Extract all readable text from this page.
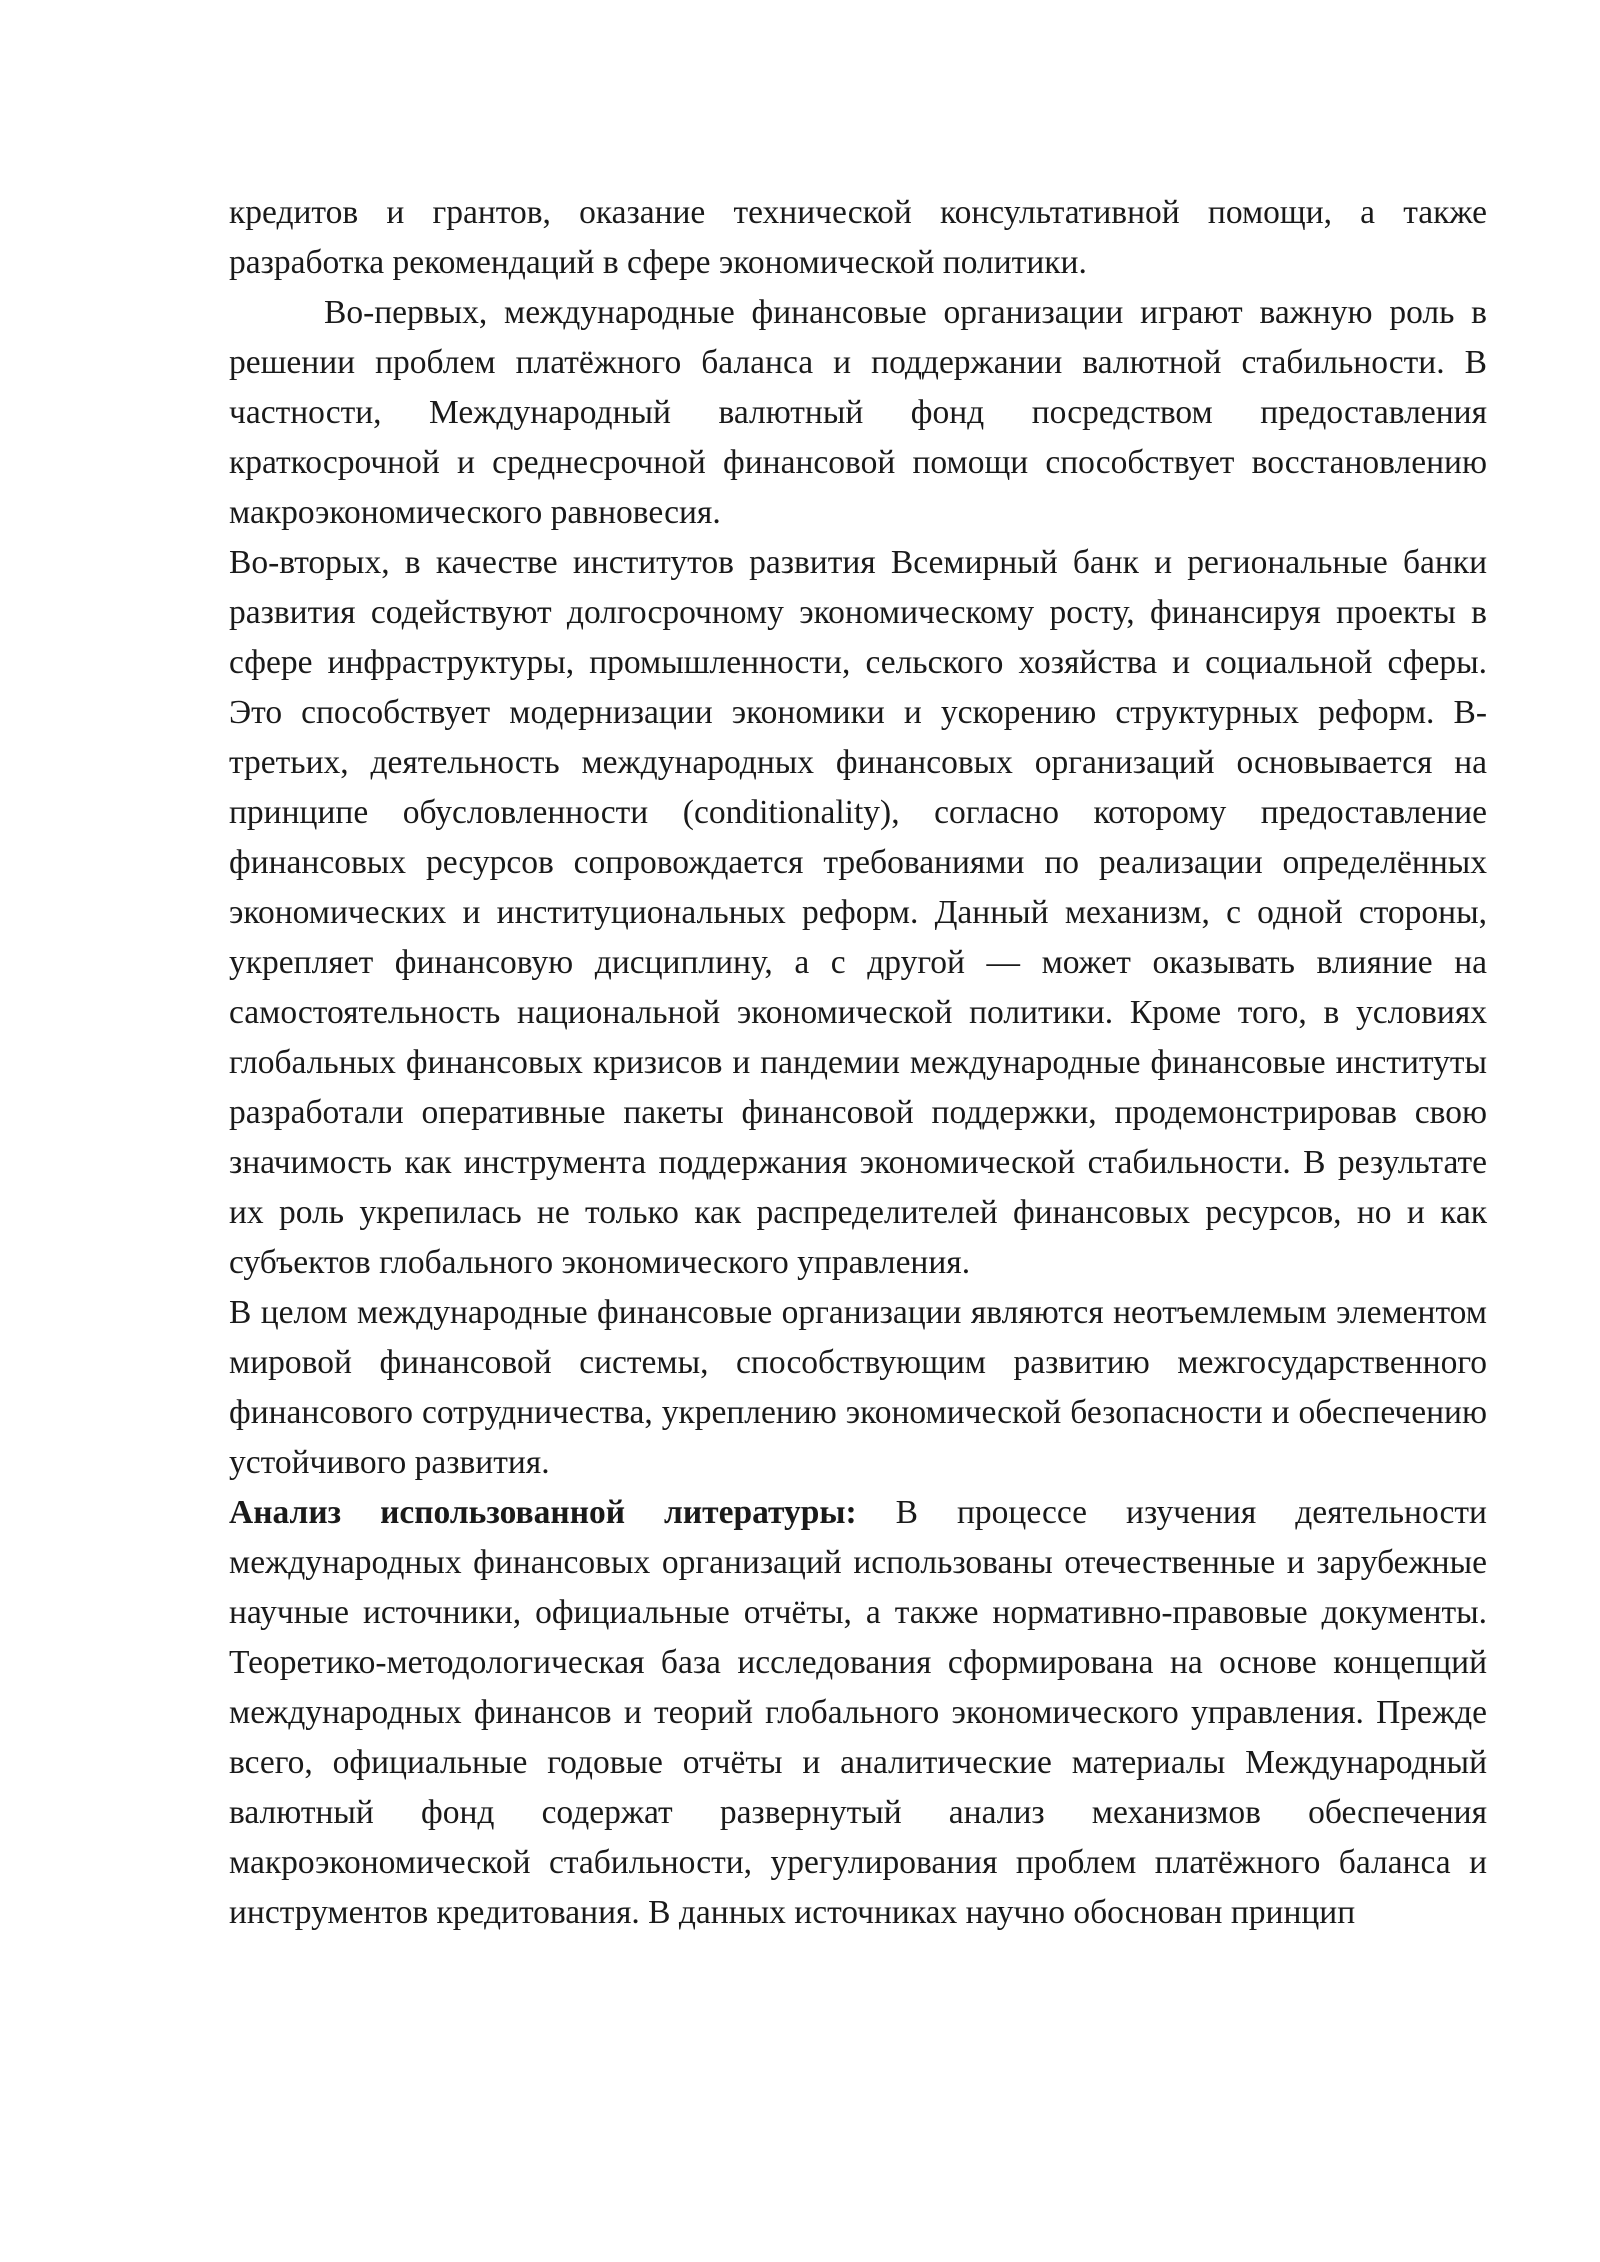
кредитов и грантов, оказание технической консультативной помощи, а также разработка рекомендаций в сфере экономической политики.

Во-первых, международные финансовые организации играют важную роль в решении проблем платёжного баланса и поддержании валютной стабильности. В частности, Международный валютный фонд посредством предоставления краткосрочной и среднесрочной финансовой помощи способствует восстановлению макроэкономического равновесия.

Во-вторых, в качестве институтов развития Всемирный банк и региональные банки развития содействуют долгосрочному экономическому росту, финансируя проекты в сфере инфраструктуры, промышленности, сельского хозяйства и социальной сферы. Это способствует модернизации экономики и ускорению структурных реформ. В-третьих, деятельность международных финансовых организаций основывается на принципе обусловленности (conditionality), согласно которому предоставление финансовых ресурсов сопровождается требованиями по реализации определённых экономических и институциональных реформ. Данный механизм, с одной стороны, укрепляет финансовую дисциплину, а с другой — может оказывать влияние на самостоятельность национальной экономической политики. Кроме того, в условиях глобальных финансовых кризисов и пандемии международные финансовые институты разработали оперативные пакеты финансовой поддержки, продемонстрировав свою значимость как инструмента поддержания экономической стабильности. В результате их роль укрепилась не только как распределителей финансовых ресурсов, но и как субъектов глобального экономического управления.

В целом международные финансовые организации являются неотъемлемым элементом мировой финансовой системы, способствующим развитию межгосударственного финансового сотрудничества, укреплению экономической безопасности и обеспечению устойчивого развития.

Анализ использованной литературы: В процессе изучения деятельности международных финансовых организаций использованы отечественные и зарубежные научные источники, официальные отчёты, а также нормативно-правовые документы. Теоретико-методологическая база исследования сформирована на основе концепций международных финансов и теорий глобального экономического управления. Прежде всего, официальные годовые отчёты и аналитические материалы Международный валютный фонд содержат развернутый анализ механизмов обеспечения макроэкономической стабильности, урегулирования проблем платёжного баланса и инструментов кредитования. В данных источниках научно обоснован принцип
